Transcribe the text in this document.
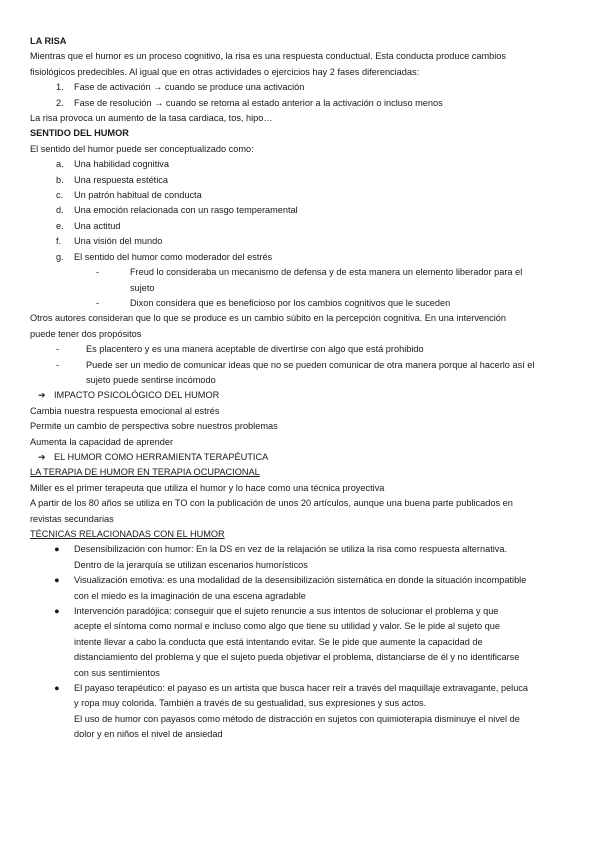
LA RISA
Mientras que el humor es un proceso cognitivo, la risa es una respuesta conductual. Esta conducta produce cambios
fisiológicos predecibles. Al igual que en otras actividades o ejercicios hay 2 fases diferenciadas:
1.	Fase de activación → cuando se produce una activación
2.	Fase de resolución → cuando se retoma al estado anterior a la activación o incluso menos
La risa provoca un aumento de la tasa cardiaca, tos, hipo…
SENTIDO DEL HUMOR
El sentido del humor puede ser conceptualizado como:
a.	Una habilidad cognitiva
b.	Una respuesta estética
c.	Un patrón habitual de conducta
d.	Una emoción relacionada con un rasgo temperamental
e.	Una actitud
f.	Una visión del mundo
g.	El sentido del humor como moderador del estrés
-	Freud lo consideraba un mecanismo de defensa y de esta manera un elemento liberador para el
sujeto
-	Dixon considera que es beneficioso por los cambios cognitivos que le suceden
Otros autores consideran que lo que se produce es un cambio súbito en la percepción cognitiva. En una intervención
puede tener dos propósitos
-	Es placentero y es una manera aceptable de divertirse con algo que está prohibido
-	Puede ser un medio de comunicar ideas que no se pueden comunicar de otra manera porque al hacerlo así el
sujeto puede sentirse incómodo
➔ IMPACTO PSICOLÓGICO DEL HUMOR
Cambia nuestra respuesta emocional al estrés
Permite un cambio de perspectiva sobre nuestros problemas
Aumenta la capacidad de aprender
➔ EL HUMOR COMO HERRAMIENTA TERAPÉUTICA
LA TERAPIA DE HUMOR EN TERAPIA OCUPACIONAL
Miller es el primer terapeuta que utiliza el humor y lo hace como una técnica proyectiva
A partir de los 80 años se utiliza en TO con la publicación de unos 20 artículos, aunque una buena parte publicados en
revistas secundarias
TÉCNICAS RELACIONADAS CON EL HUMOR
●	Desensibilización con humor: En la DS en vez de la relajación se utiliza la risa como respuesta alternativa.
Dentro de la jerarquía se utilizan escenarios humorísticos
●	Visualización emotiva: es una modalidad de la desensibilización sistemática en donde la situación incompatible
con el miedo es la imaginación de una escena agradable
●	Intervención paradójica: conseguir que el sujeto renuncie a sus intentos de solucionar el problema y que
acepte el síntoma como normal e incluso como algo que tiene su utilidad y valor. Se le pide al sujeto que
intente llevar a cabo la conducta que está intentando evitar. Se le pide que aumente la capacidad de
distanciamiento del problema y que el sujeto pueda objetivar el problema, distanciarse de él y no identificarse
con sus sentimientos
●	El payaso terapéutico: el payaso es un artista que busca hacer reír a través del maquillaje extravagante, peluca
y ropa muy colorida. También a través de su gestualidad, sus expresiones y sus actos.
El uso de humor con payasos como método de distracción en sujetos con quimioterapia disminuye el nivel de
dolor y en niños el nivel de ansiedad
